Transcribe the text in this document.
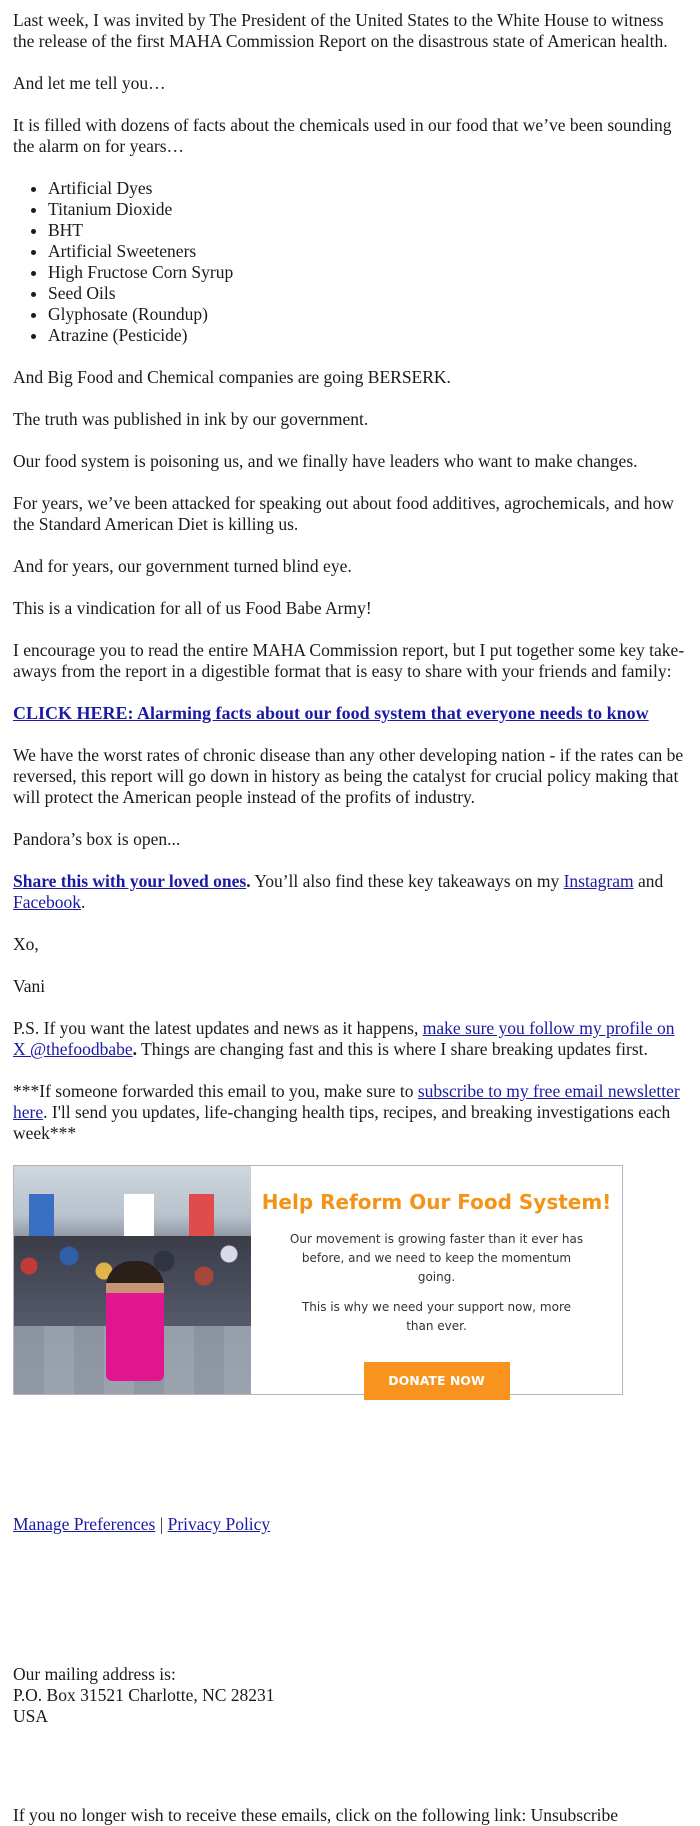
Last week, I was invited by The President of the United States to the White House to witness the release of the first MAHA Commission Report on the disastrous state of American health.

And let me tell you…

It is filled with dozens of facts about the chemicals used in our food that we’ve been sounding the alarm on for years…

• Artificial Dyes
• Titanium Dioxide
• BHT
• Artificial Sweeteners
• High Fructose Corn Syrup
• Seed Oils
• Glyphosate (Roundup)
• Atrazine (Pesticide)

And Big Food and Chemical companies are going BERSERK.

The truth was published in ink by our government.

Our food system is poisoning us, and we finally have leaders who want to make changes.

For years, we’ve been attacked for speaking out about food additives, agrochemicals, and how the Standard American Diet is killing us.

And for years, our government turned blind eye.

This is a vindication for all of us Food Babe Army!

I encourage you to read the entire MAHA Commission report, but I put together some key take-aways from the report in a digestible format that is easy to share with your friends and family:

CLICK HERE: Alarming facts about our food system that everyone needs to know

We have the worst rates of chronic disease than any other developing nation - if the rates can be reversed, this report will go down in history as being the catalyst for crucial policy making that will protect the American people instead of the profits of industry.

Pandora’s box is open...

Share this with your loved ones. You’ll also find these key takeaways on my Instagram and Facebook.

Xo,

Vani

P.S. If you want the latest updates and news as it happens, make sure you follow my profile on X @thefoodbabe. Things are changing fast and this is where I share breaking updates first.

***If someone forwarded this email to you, make sure to subscribe to my free email newsletter here. I'll send you updates, life-changing health tips, recipes, and breaking investigations each week***

Help Reform Our Food System!
Our movement is growing faster than it ever has before, and we need to keep the momentum going.
This is why we need your support now, more than ever.
DONATE NOW
Manage Preferences | Privacy Policy
Our mailing address is:
P.O. Box 31521 Charlotte, NC 28231
USA
If you no longer wish to receive these emails, click on the following link: Unsubscribe
